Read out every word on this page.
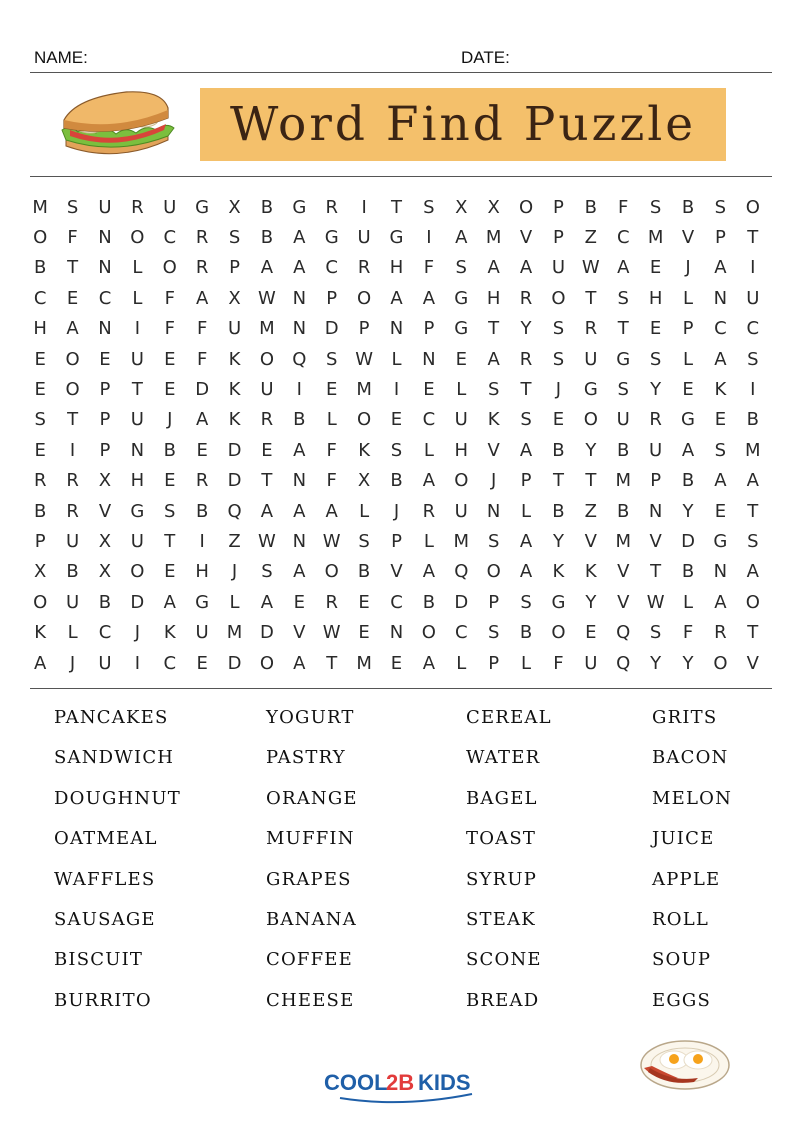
NAME:	DATE:
Word Find Puzzle
M	S	U	R	U	G	X	B	G	R	I	T	S	X	X	O	P	B	F	S	B	S	O
O	F	N	O	C	R	S	B	A	G	U	G	I	A	M	V	P	Z	C	M	V	P	T
B	T	N	L	O	R	P	A	A	C	R	H	F	S	A	A	U W A	E	J	A	I
C	E	C	L	F	A	X W N	P	O	A	A	G	H	R	O	T	S	H	L	N	U
H	A	N	I	F	F	U	M N	D	P	N	P	G	T	Y	S	R	T	E	P	C	C
E	O	E	U	E	F	K	O	Q	S W	L	N	E	A	R	S	U	G	S	L	A	S
E	O	P	T	E	D	K	U	I	E	M	I	E	L	S	T	J	G	S	Y	E	K	I
S	T	P	U	J	A	K	R	B	L	O	E	C	U	K	S	E	O	U	R	G	E	B
E	I	P	N	B	E	D	E	A	F	K	S	L	H	V	A	B	Y	B	U	A	S	M
R	R	X	H	E	R	D	T	N	F	X	B	A	O	J	P	T	T	M	P	B	A	A
B	R	V	G	S	B	Q	A	A	A	L	J	R	U	N	L	B	Z	B	N	Y	E	T
P	U	X	U	T	I	Z W N W S	P	L	M	S	A	Y	V	M	V	D	G	S
X	B	X	O	E	H	J	S	A	O	B	V	A	Q	O	A	K	K	V	T	B	N	A
O	U	B	D	A	G	L	A	E	R	E	C	B	D	P	S	G	Y	V W	L	A	O
K	L	C	J	K	U	M D	V W E	N	O	C	S	B	O	E	Q	S	F	R	T
A	J	U	I	C	E	D	O	A	T	M	E	A	L	P	L	F	U	Q	Y	Y	O	V
PANCAKES
SANDWICH
DOUGHNUT
OATMEAL
WAFFLES
SAUSAGE
BISCUIT
BURRITO
YOGURT
PASTRY
ORANGE
MUFFIN
GRAPES
BANANA
COFFEE
CHEESE
CEREAL
WATER
BAGEL
TOAST
SYRUP
STEAK
SCONE
BREAD
GRITS
BACON
MELON
JUICE
APPLE
ROLL
SOUP
EGGS
COOL
2B KIDS
